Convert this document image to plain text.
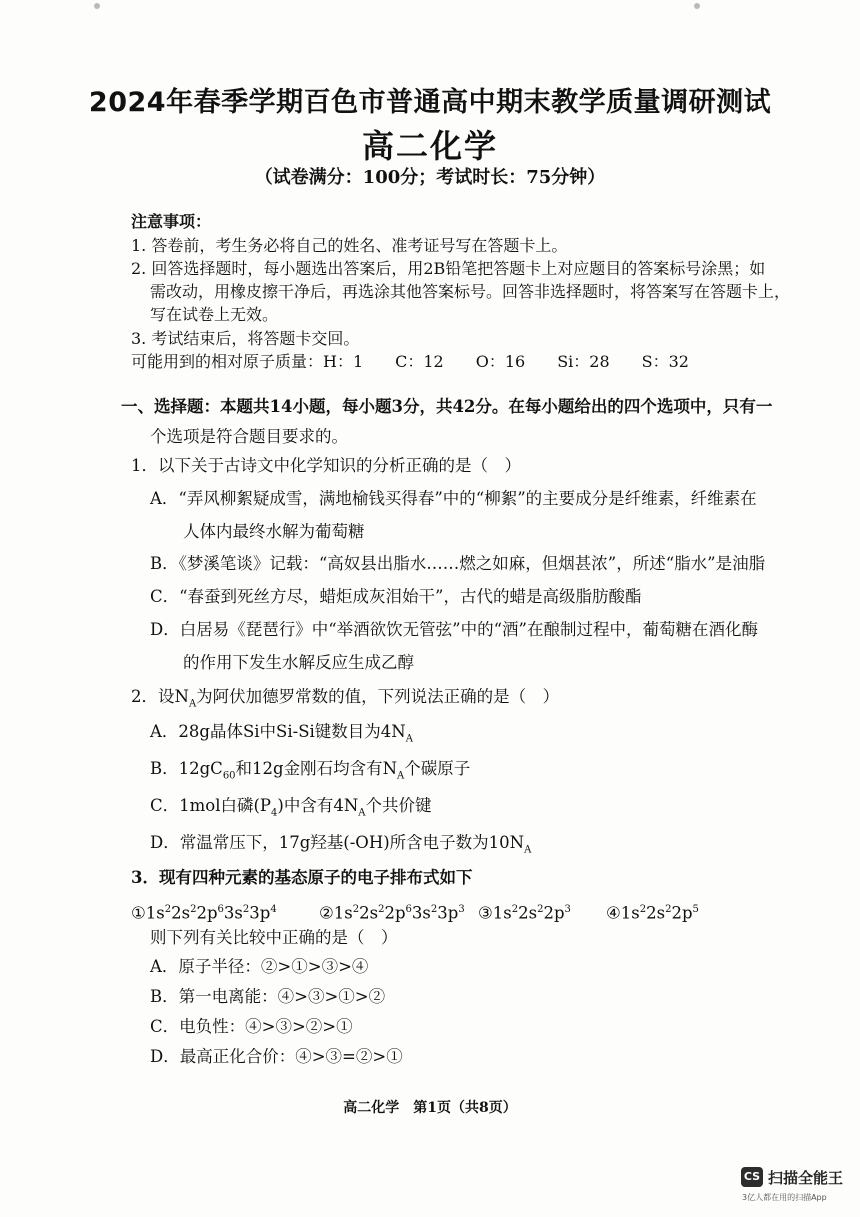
2024年春季学期百色市普通高中期末教学质量调研测试
高二化学
（试卷满分：100分；考试时长：75分钟）
注意事项：
1. 答卷前，考生务必将自己的姓名、准考证号写在答题卡上。
2. 回答选择题时，每小题选出答案后，用2B铅笔把答题卡上对应题目的答案标号涂黑；如
需改动，用橡皮擦干净后，再选涂其他答案标号。回答非选择题时，将答案写在答题卡上，
写在试卷上无效。
3. 考试结束后，将答题卡交回。
可能用到的相对原子质量：H：1　　C：12　　O：16　　Si：28　　S：32
一、选择题：本题共14小题，每小题3分，共42分。在每小题给出的四个选项中，只有一
个选项是符合题目要求的。
1．以下关于古诗文中化学知识的分析正确的是（　）
A．“弄风柳絮疑成雪，满地榆钱买得春”中的“柳絮”的主要成分是纤维素，纤维素在
人体内最终水解为葡萄糖
B．《梦溪笔谈》记载：“高奴县出脂水……燃之如麻，但烟甚浓”，所述“脂水”是油脂
C．“春蚕到死丝方尽，蜡炬成灰泪始干”，古代的蜡是高级脂肪酸酯
D．白居易《琵琶行》中“举酒欲饮无管弦”中的“酒”在酿制过程中，葡萄糖在酒化酶
的作用下发生水解反应生成乙醇
2．设$N_A$为阿伏加德罗常数的值，下列说法正确的是（　）
A．28g晶体Si中Si-Si键数目为$4N_A$
B．$12gC_{60}$和12g金刚石均含有$N_A$个碳原子
C．1mol白磷$(P_4)$中含有$4N_A$个共价键
D．常温常压下，17g羟基(-OH)所含电子数为$10N_A$
3．现有四种元素的基态原子的电子排布式如下
$①1s^22s^22p^63s^23p^4$	$②1s^22s^22p^63s^23p^3$ $③1s^22s^22p^3$ $④1s^22s^22p^5$
则下列有关比较中正确的是（　）
A．原子半径：②>①>③>④
B．第一电离能：④>③>①>②
C．电负性：④>③>②>①
D．最高正化合价：④>③=②>①
高二化学　第1页（共8页）
CS 扫描全能王
3亿人都在用的扫描App
